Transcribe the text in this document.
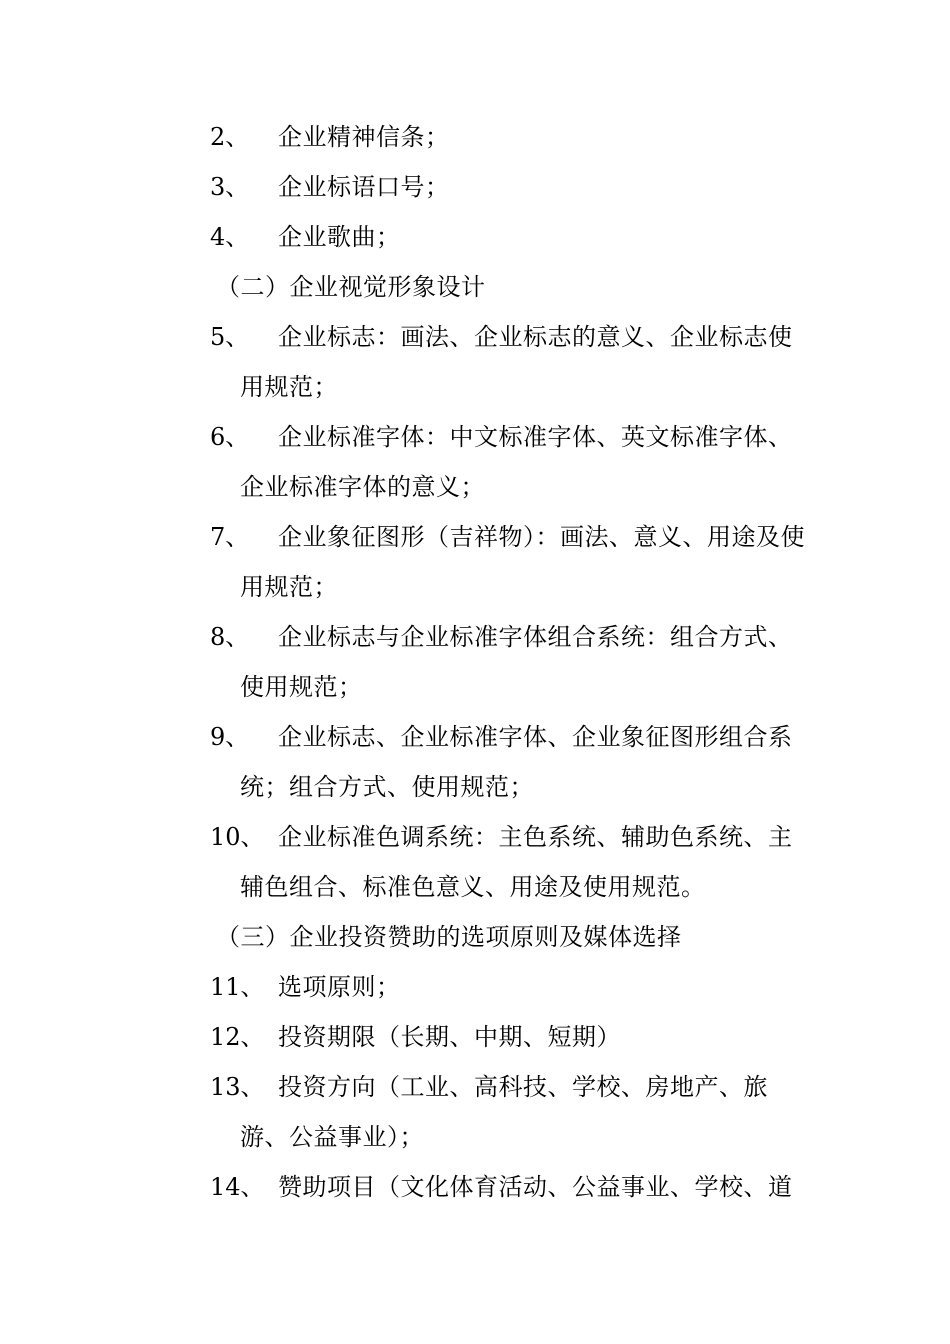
2、	企业精神信条；
3、	企业标语口号；
4、	企业歌曲；
（二）企业视觉形象设计
5、	企业标志：画法、企业标志的意义、企业标志使用规范；
6、	企业标准字体：中文标准字体、英文标准字体、企业标准字体的意义；
7、	企业象征图形（吉祥物）：画法、意义、用途及使用规范；
8、	企业标志与企业标准字体组合系统：组合方式、使用规范；
9、	企业标志、企业标准字体、企业象征图形组合系统；组合方式、使用规范；
10、 企业标准色调系统：主色系统、辅助色系统、主辅色组合、标准色意义、用途及使用规范。
（三）企业投资赞助的选项原则及媒体选择
11、 选项原则；
12、 投资期限（长期、中期、短期）
13、 投资方向（工业、高科技、学校、房地产、旅游、公益事业）；
14、 赞助项目（文化体育活动、公益事业、学校、道
